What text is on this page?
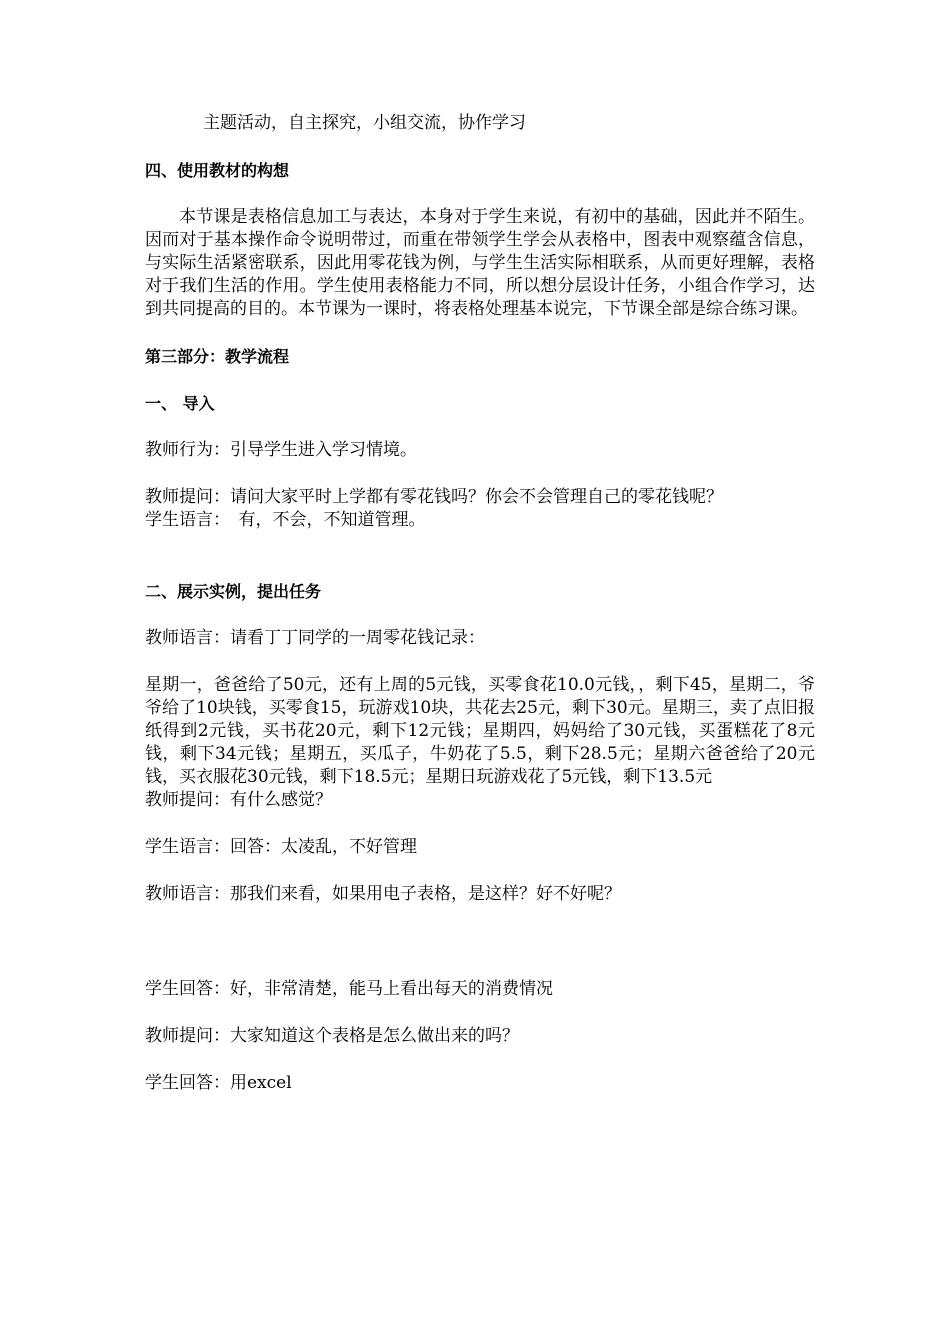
主题活动，自主探究，小组交流，协作学习

四、使用教材的构想

本节课是表格信息加工与表达，本身对于学生来说，有初中的基础，因此并不陌生。因而对于基本操作命令说明带过，而重在带领学生学会从表格中，图表中观察蕴含信息，与实际生活紧密联系，因此用零花钱为例，与学生生活实际相联系，从而更好理解，表格对于我们生活的作用。学生使用表格能力不同，所以想分层设计任务，小组合作学习，达到共同提高的目的。本节课为一课时，将表格处理基本说完，下节课全部是综合练习课。

第三部分：教学流程

一、 导入

教师行为：引导学生进入学习情境。

教师提问：请问大家平时上学都有零花钱吗？你会不会管理自己的零花钱呢？

学生语言：　有，不会，不知道管理。

二、展示实例，提出任务

教师语言：请看丁丁同学的一周零花钱记录：

星期一，爸爸给了50元，还有上周的5元钱，买零食花10.0元钱，，剩下45，星期二，爷爷给了10块钱，买零食15，玩游戏10块，共花去25元，剩下30元。星期三，卖了点旧报纸得到2元钱，买书花20元，剩下12元钱；星期四，妈妈给了30元钱，买蛋糕花了8元钱，剩下34元钱；星期五，买瓜子，牛奶花了5.5，剩下28.5元；星期六爸爸给了20元钱，买衣服花30元钱，剩下18.5元；星期日玩游戏花了5元钱，剩下13.5元

教师提问：有什么感觉？

学生语言：回答：太凌乱，不好管理

教师语言：那我们来看，如果用电子表格，是这样？好不好呢？

学生回答：好，非常清楚，能马上看出每天的消费情况

教师提问：大家知道这个表格是怎么做出来的吗？

学生回答：用excel
